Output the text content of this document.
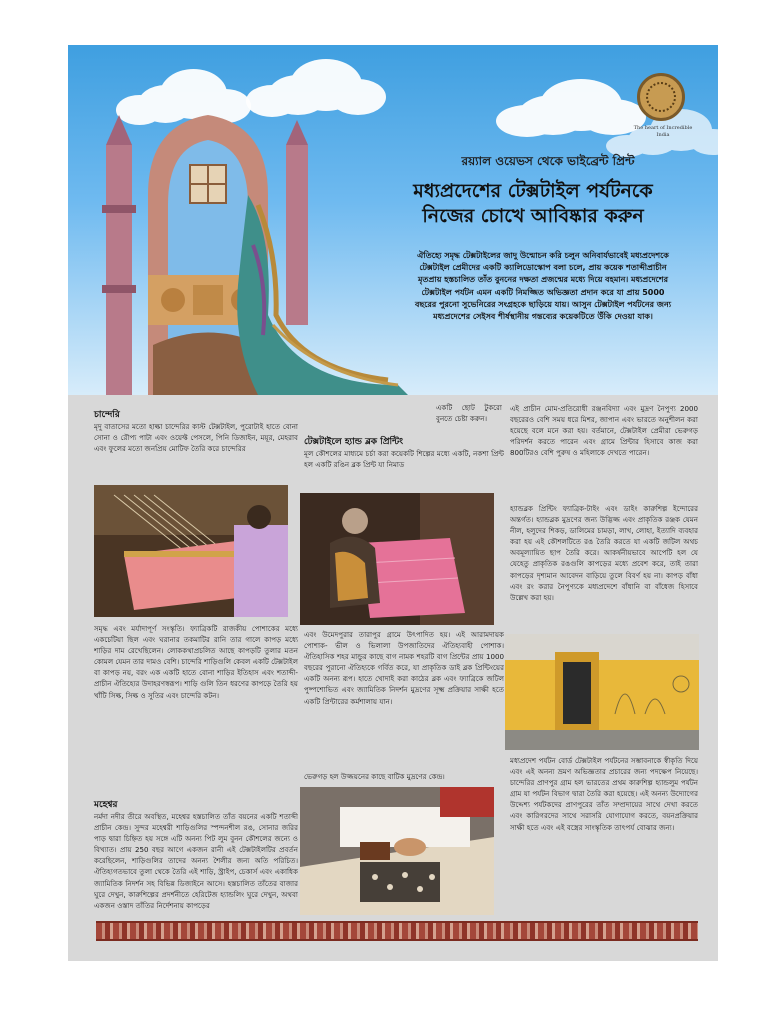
The heart of Incredible India
রয়্যাল ওয়েভস থেকে ভাইব্রেন্ট প্রিন্ট
মধ্যপ্রদেশের টেক্সটাইল পর্যটনকে
নিজের চোখে আবিষ্কার করুন
ঐতিহ্যে সমৃদ্ধ টেক্সটাইলের জাদু উন্মোচন করি চলুন অনিবার্যভাবেই মধ্যপ্রদেশকে টেক্সটাইল প্রেমীদের একটি ক্যালিডোস্কোপ বলা চলে, প্রায় কয়েক শতাব্দীপ্রাচীন মৃতপ্রায় হস্তচালিত তাঁত বুননের দক্ষতা প্রজন্মের মধ্যে দিয়ে বহমান। মধ্যপ্রদেশের টেক্সটাইল পর্যটন এমন একটি নিমজ্জিত অভিজ্ঞতা প্রদান করে যা প্রায় 5000 বছরের পুরনো সুভেনিরের সংগ্রহকে ছাড়িয়ে যায়। আসুন টেক্সটাইল পর্যটনের জন্য মধ্যপ্রদেশের সেইসব শীর্ষস্থানীয় গন্তব্যের কয়েকটিতে উঁকি দেওয়া যাক।
চান্দেরি
মৃদু বাতাসের মতো হাল্কা চান্দেরির কাস্ট টেক্সটাইল, পুরোটাই হাতে বোনা সোনা ও রৌপ্য পাটা এবং ওয়েফ্ট পেসলে, পিনি ডিজাইন, ময়ূর, মেহরাব এবং ফুলের মতো জনপ্রিয় মোটিফ তৈরি করে চান্দেরির
সমৃদ্ধ এবং মর্যাদাপূর্ণ সংস্কৃতি। ফ্যাব্রিকটি রাজকীয় পোশাকের মধ্যে একচেটিয়া ছিল এবং ঘরানার তকমাটির রানি তার গালে কাপড় মধ্যে শাড়ির দাম রেখেছিলেন। লোককথাপ্রচলিত আছে কাপড়টি তুলার মতন কোমল যেমন তার দামও বেশি। চান্দেরি শাড়িগুলি কেবল একটি টেক্সটাইল বা কাপড় নয়, বরং এক একটি হাতে বোনা শাড়ির ইতিহাস এবং শতাব্দী-প্রাচীন ঐতিহ্যের উদাহরণস্বরূপ। শাড়ি গুলি তিন ধরণের কাপড়ে তৈরি হয় খাঁটি সিল্ক, সিল্ক ও সুতির এবং চান্দেরি কটন।
মহেশ্বর
নর্মদা নদীর তীরে অবস্থিত, মহেশ্বর হস্তচালিত তাঁত বয়নের একটি শতাব্দী প্রাচীন কেন্দ্র। সুন্দর মহেশ্বরী শাড়িগুলির স্পন্দনশীল রঙ, সোনার জরির পাড় দ্বারা চিহ্নিত হয় সঙ্গে এটি অনন্য পিট লুম বুনন কৌশলের জন্যে ও বিখ্যাত। প্রায় 250 বছর আগে একজন রানী এই টেক্সটাইলটির প্রবর্তন করেছিলেন, শাড়িগুলির তাদের অনন্য শৈলীর জন্য অতি পরিচিত। ঐতিহ্যগতভাবে তুলা থেকে তৈরি এই শাড়ি, স্ট্রাইপ, চেকার্স এবং একাধিক জ্যামিতিক নিদর্শন সহ বিভিন্ন ডিজাইনে আসে। হস্তচালিত তাঁতের বাজার ঘুরে দেখুন, কারুশিল্পের প্রদর্শনীতে হেরিটেজ হ্যান্ডলিং ঘুরে দেখুন, অথবা একজন ওস্তাদ তাঁতির নির্দেশনায় কাপড়ের
একটি ছোট টুকরো বুনতে চেষ্টা করুন।
টেক্সটাইলে হ্যান্ড ব্লক প্রিন্টিং
মূল কৌশলের মাধ্যমে চর্চা করা কয়েকটি শিল্পের মধ্যে একটি, নকশা প্রিন্ট হল একটি রঙিন ব্লক প্রিন্ট যা নিমাড
এবং উমেদপুরার তারাপুর গ্রামে উৎপাদিত হয়। এই আরামদায়ক পোশাক- ভীল ও ভিলালা উপজাতিদের ঐতিহ্যবাহী পোশাক। ঐতিহাসিক শহর মান্ডুর কাছে বাগ নামক শহরটি বাগ প্রিন্টের প্রায় 1000 বছরের পুরানো ঐতিহ্যকে গর্বিত করে, যা প্রাকৃতিক ডাই ব্লক প্রিন্টিংয়ের একটি অনন্য রূপ। হাতে খোদাই করা কাঠের ব্লক এবং ফ্যাব্রিকে জটিল পুষ্পশোভিত এবং জ্যামিতিক নিদর্শন মুদ্রণের সূক্ষ্ম প্রক্রিয়ার সাক্ষী হতে একটি প্রিন্টারের কর্মশালায় যান।
ভেরুগড় হল উজ্জয়নের কাছে বাটিক মুদ্রণের কেন্দ্র।
এই প্রাচীন মোম-প্রতিরোধী রঞ্জনবিদ্যা এবং মুদ্রণ নৈপুণ্য 2000 বছরেরও বেশি সময় ধরে মিশর, জাপান এবং ভারতে অনুশীলন করা হয়েছে বলে মনে করা হয়। বর্তমানে, টেক্সটাইল প্রেমীরা ভেরুগড় পরিদর্শন করতে পারেন এবং গ্রামে প্রিন্টার হিসাবে কাজ করা 800টিরও বেশি পুরুষ ও মহিলাকে দেখতে পারেন।
হ্যান্ডব্লক প্রিন্টিং ফ্যাব্রিক-টাইং এবং ডাইং কারুশিল্প ইন্দোরের অন্তর্গত। হ্যান্ডব্লক মুদ্রণের জন্য উদ্ভিজ্জ এবং প্রাকৃতিক রঞ্জক যেমন নীল, হলুদের শিকড়, ডালিমের চামড়া, লাখ, লোহা, ইত্যাদি ব্যবহার করা হয় এই কৌশলটিতে রঙ তৈরি করতে যা একটি জটিল অথচ অবমূল্যায়িত ছাপ তৈরি করে। আকর্ষনীয়ভাবে আপেটি হল যে যেহেতু প্রাকৃতিক রঙগুলি কাপড়ের মধ্যে প্রবেশ করে, তাই তারা কাপড়ের দৃশ্যমান আবেদন বাড়িয়ে তুলে বিবর্ণ হয় না। কাপড় বাঁধা এবং রং করার নৈপুণ্যকে মধ্যপ্রদেশে বাঁধানি বা বাঁধেজ হিসাবে উল্লেখ করা হয়।
মধ্যপ্রদেশ পর্যটন বোর্ড টেক্সটাইল পর্যটনের সম্ভাবনাকে স্বীকৃতি দিয়ে এবং এই অনন্য ভ্রমণ অভিজ্ঞতার প্রচারের জন্য পদক্ষেপ নিয়েছে। চান্দেরির প্রাণপুর গ্রাম হল ভারতের প্রথম কারুশিল্প হ্যান্ডলুম পর্যটন গ্রাম যা পর্যটন বিভাগ দ্বারা তৈরি করা হয়েছে। এই অনন্য উদ্যোগের উদ্দেশ্য পর্যটকদের প্রাণপুরের তাঁত সম্প্রদায়ের সাথে দেখা করতে এবং কারিগরদের সাথে সরাসরি যোগাযোগ করতে, বয়নপ্রক্রিয়ার সাক্ষী হতে এবং এই বস্ত্রের সাংস্কৃতিক তাৎপর্য বোঝার জন্য।
